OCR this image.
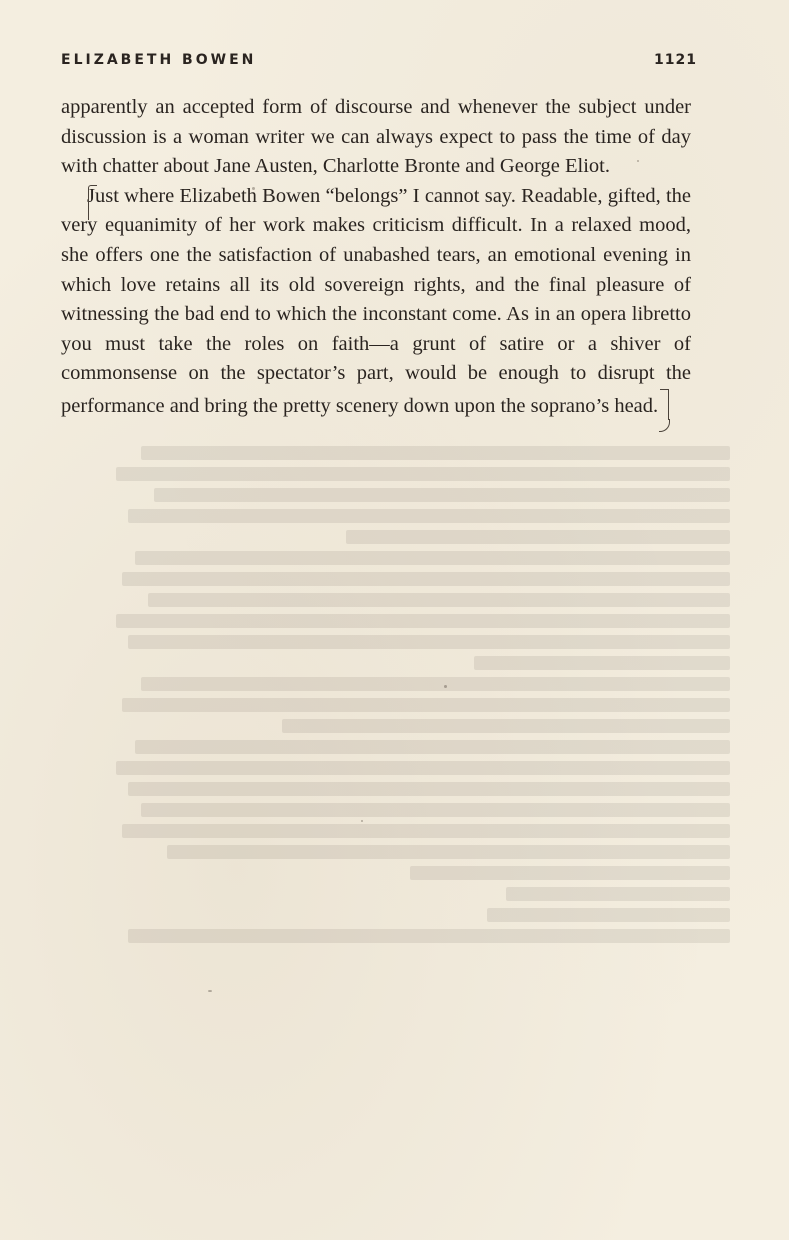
ELIZABETH BOWEN	1121

apparently an accepted form of discourse and whenever the subject under discussion is a woman writer we can always expect to pass the time of day with chatter about Jane Austen, Charlotte Bronte and George Eliot.

Just where Elizabeth Bowen “belongs” I cannot say. Readable, gifted, the very equanimity of her work makes criticism difficult. In a relaxed mood, she offers one the satisfaction of unabashed tears, an emotional evening in which love retains all its old sovereign rights, and the final pleasure of witnessing the bad end to which the inconstant come. As in an opera libretto you must take the roles on faith—a grunt of satire or a shiver of commonsense on the spectator’s part, would be enough to disrupt the performance and bring the pretty scenery down upon the soprano’s head.
